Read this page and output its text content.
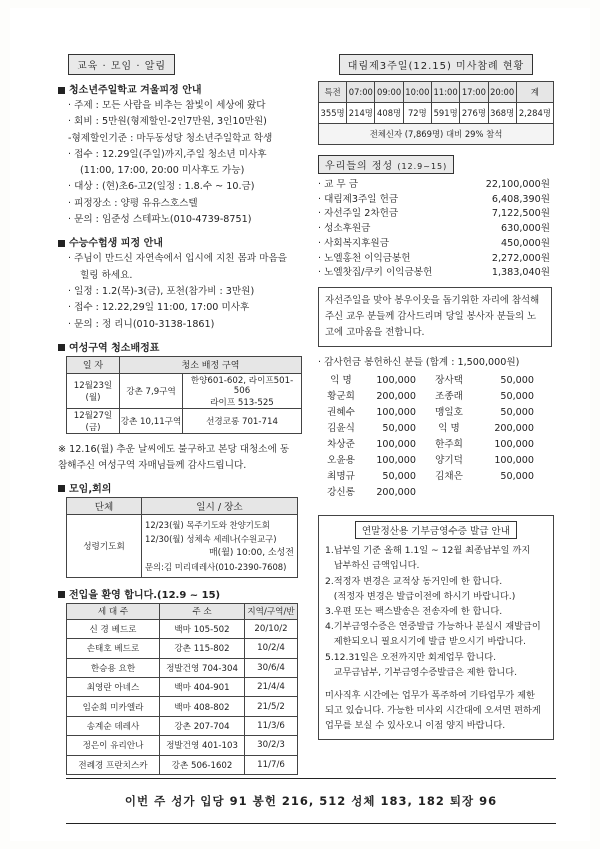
교육 · 모임 · 알림
청소년주일학교 겨울피정 안내
· 주제 : 모든 사람을 비추는 참빛이 세상에 왔다
· 회비 : 5만원(형제할인-2인7만원, 3인10만원)
-형제할인기준 : 마두동성당 청소년주일학교 학생
· 접수 : 12.29일(주일)까지,주일 청소년 미사후
(11:00, 17:00, 20:00 미사후도 가능)
· 대상 : (현)초6-고2(일정 : 1.8.수 ~ 10.금)
· 피정장소 : 양평 유유스호스텔
· 문의 : 임준성 스테파노(010-4739-8751)
수능수험생 피정 안내
· 주님이 만드신 자연속에서 입시에 지친 몸과 마음을
힐링 하세요.
· 일정 : 1.2(목)-3(금), 포천(참가비 : 3만원)
· 접수 : 12.22,29일 11:00, 17:00 미사후
· 문의 : 정 리니(010-3138-1861)
여성구역 청소배정표
일 자	청소 배정 구역	
12월23일(월)	강촌 7,9구역	한양601-602, 라이프501-506
라이프 513-525

12월27일(금)	강촌 10,11구역	선경코롱 701-714
※ 12.16(월) 추운 날씨에도 불구하고 본당 대청소에 동참해주신 여성구역 자매님들께 감사드립니다.
모임,회의
단체	일시 / 장소
성령기도회	12/23(월) 목주기도와 찬양기도회
12/30(월) 성체속 세레나(수원교구)
매(월) 10:00, 소성전
문의:김 미리데레사(010-2390-7608)
전입을 환영 합니다.(12.9 ~ 15)
세 대 주	주 소	지역/구역/반
신 경 베드로	백마 105-502	20/10/2
손태호 베드로	강촌 115-802	10/2/4
한승용 요한	정발건영 704-304	30/6/4
최영란 아네스	백마 404-901	21/4/4
임순희 미카엘라	백마 408-802	21/5/2
송계순 데레사	강촌 207-704	11/3/6
정은이 유리안나	정발건영 401-103	30/2/3
전례경 프란치스카	강촌 506-1602	11/7/6
대림제3주일(12.15) 미사참례 현황
특전	07:00	09:00	10:00	11:00	17:00	20:00	계
355명	214명	408명	72명	591명	276명	368명	2,284명
전체신자 (7,869명) 대비 29% 참석							
우리들의 정성 (12.9~15)
· 교 무 금	22,100,000원
· 대림제3주일 헌금	6,408,390원
· 자선주일 2차헌금	7,122,500원
· 성소후원금	630,000원
· 사회복지후원금	450,000원
· 노엘홍천 이익금봉헌	2,272,000원
· 노엘찻집/쿠키 이익금봉헌	1,383,040원
자선주일을 맞아 봉우이웃을 돕기위한 자리에 참석해 주신 교우 분들께 감사드리며 당일 봉사자 분들의 노고에 고마움을 전합니다.
· 감사헌금 봉헌하신 분들 (합계 : 1,500,000원)
익 명	100,000	장사택	50,000
황군희	200,000	조종래	50,000
권혜수	100,000	맹일호	50,000
김윤식	50,000	익 명	200,000
차상준	100,000	한주희	100,000
오윤용	100,000	양기덕	100,000
최명규	50,000	김채은	50,000
강신롱	200,000
연말정산용 기부금영수증 발급 안내
1.납부일 기준 올해 1.1일 ~ 12월 최종납부일 까지
납부하신 금액입니다.
2.적정자 변경은 교적상 동거인에 한 합니다.
(적정자 변경은 발급이전에 하시기 바랍니다.)
3.우편 또는 팩스발송은 전송자에 한 합니다.
4.기부금영수증은 연중발급 가능하나 분실시 재발급이
제한되오니 필요시기에 발급 받으시기 바랍니다.
5.12.31일은 오전까지만 회계업무 합니다.
교무금납부, 기부금영수증발급은 제한 합니다.
미사직후 시간에는 업무가 폭주하여 기타업무가 제한
되고 있습니다. 가능한 미사외 시간대에 오셔면 편하게
업무를 보실 수 있사오니 이점 양지 바랍니다.
이번 주 성가 입당 91 봉헌 216, 512 성체 183, 182 퇴장 96
